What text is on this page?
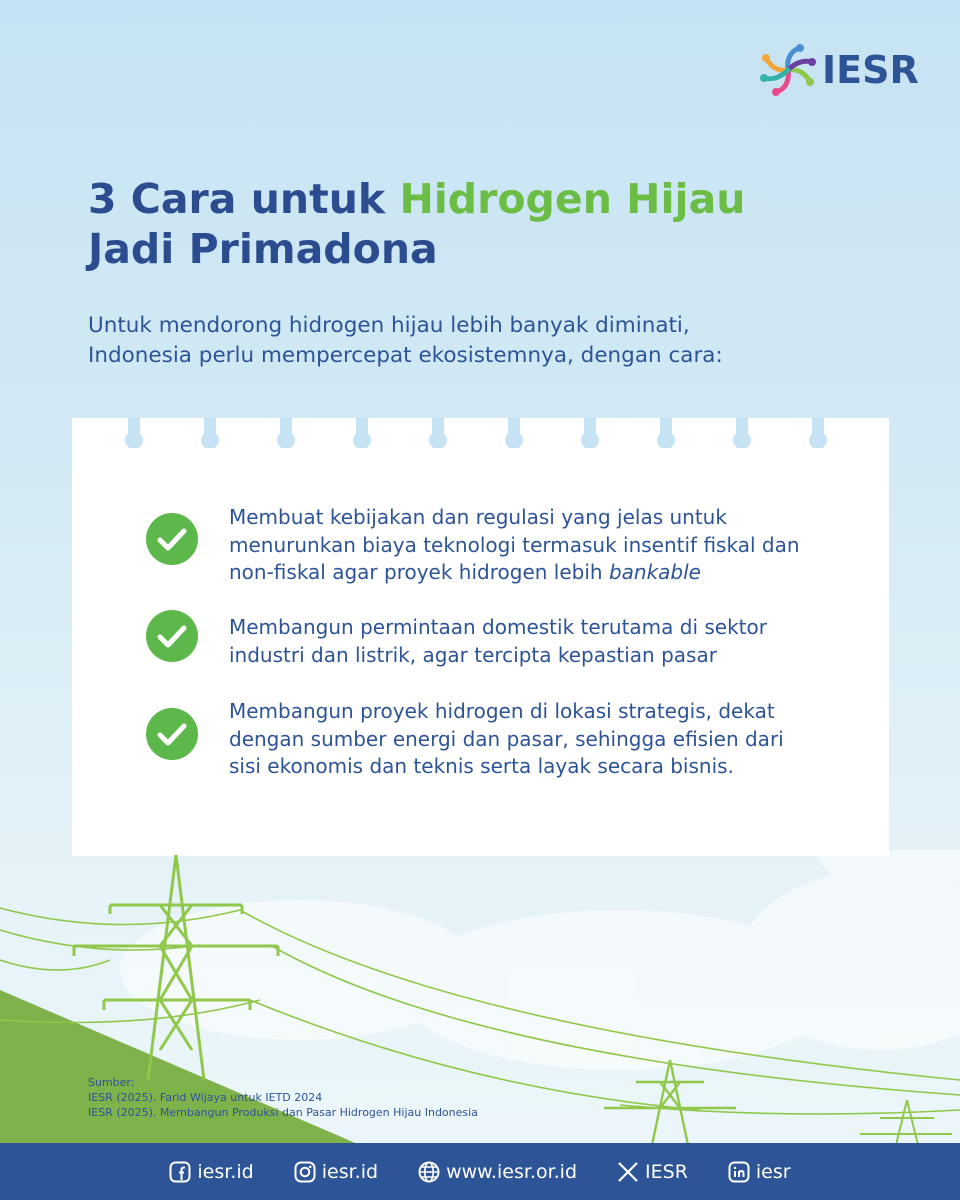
IESR
3 Cara untuk Hidrogen Hijau
Jadi Primadona
Untuk mendorong hidrogen hijau lebih banyak diminati,
Indonesia perlu mempercepat ekosistemnya, dengan cara:
Membuat kebijakan dan regulasi yang jelas untuk
menurunkan biaya teknologi termasuk insentif fiskal dan
non-fiskal agar proyek hidrogen lebih bankable
Membangun permintaan domestik terutama di sektor
industri dan listrik, agar tercipta kepastian pasar
Membangun proyek hidrogen di lokasi strategis, dekat
dengan sumber energi dan pasar, sehingga efisien dari
sisi ekonomis dan teknis serta layak secara bisnis.
Sumber:
IESR (2025). Farid Wijaya untuk IETD 2024
IESR (2025). Membangun Produksi dan Pasar Hidrogen Hijau Indonesia
iesr.id	iesr.id	www.iesr.or.id	IESR	iesr
